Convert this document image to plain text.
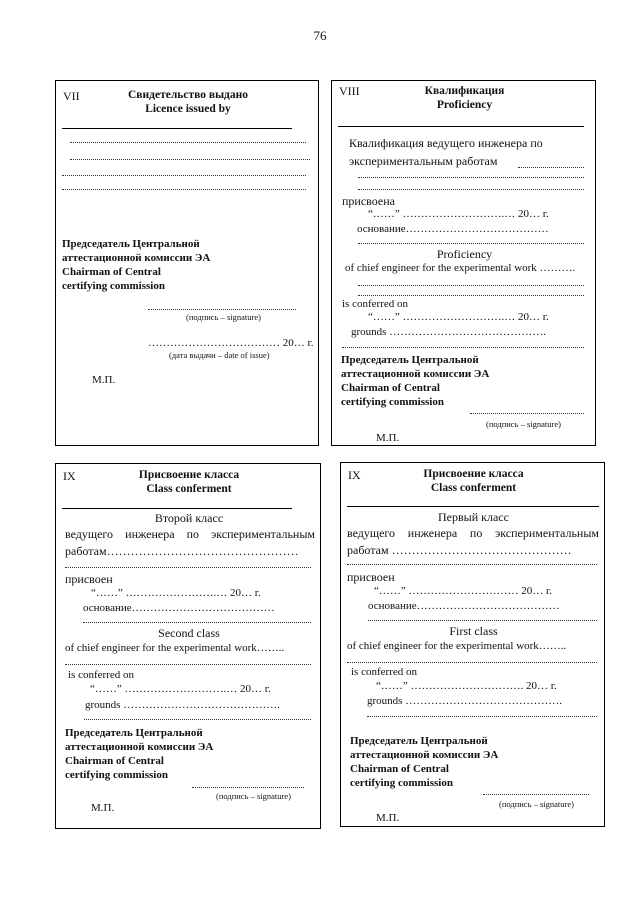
76
VII	Свидетельство выдано
Licence issued by
Председатель Центральной
аттестационной комиссии ЭА
Chairman of Central
certifying commission
(подпись – signature)
……………………………… 20… г.
(дата выдачи – date of issue)
М.П.
VIII	Квалификация
Proficiency
Квалификация ведущего инженера по
экспериментальным работам
присвоена
“……” ……………………….… 20… г.
основание…………………………………
Proficiency
of chief engineer for the experimental work ……….
is conferred on
“……” ……………………….… 20… г.
grounds …………………………………….
Председатель Центральной
аттестационной комиссии ЭА
Chairman of Central
certifying commission
(подпись – signature)
М.П.
IX	Присвоение класса
Class conferment
Второй класс
ведущего инженера по экспериментальным
работам…………………………………………
присвоен
“……” …………………….… 20… г.
основание…………………………………
Second class
of chief engineer for the experimental work……..
is conferred on
“……” ……………………….… 20… г.
grounds …………………………………….
Председатель Центральной
аттестационной комиссии ЭА
Chairman of Central
certifying commission
(подпись – signature)
М.П.
IX	Присвоение класса
Class conferment
Первый класс
ведущего инженера по экспериментальным
работам ………………………………………
присвоен
“……” ………………………… 20… г.
основание…………………………………
First class
of chief engineer for the experimental work……..
is conferred on
“……” …………………………. 20… г.
grounds …………………………………….
Председатель Центральной
аттестационной комиссии ЭА
Chairman of Central
certifying commission
(подпись – signature)
М.П.
